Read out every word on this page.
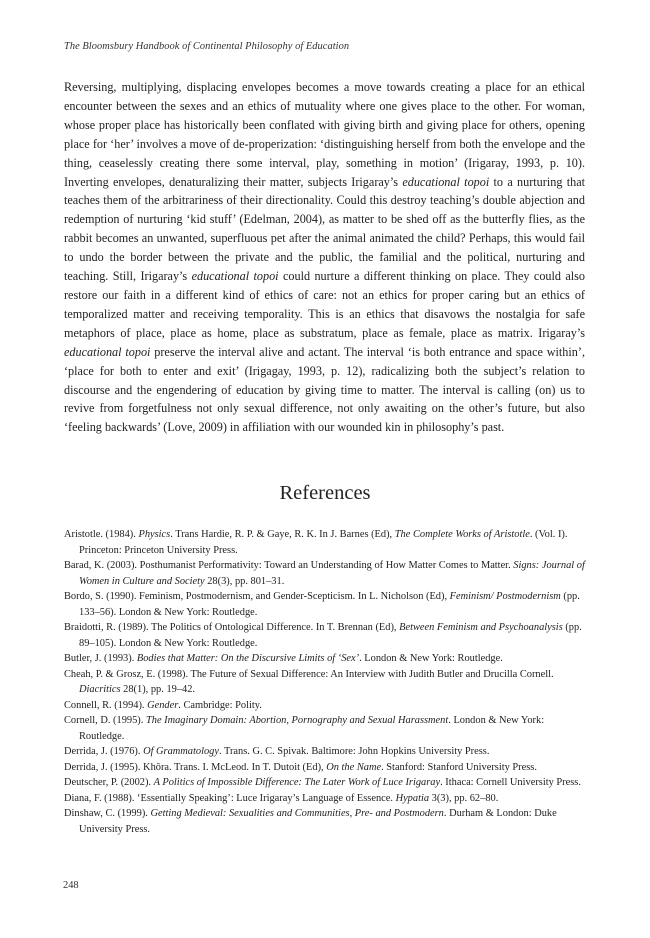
The Bloomsbury Handbook of Continental Philosophy of Education

Reversing, multiplying, displacing envelopes becomes a move towards creating a place for an ethical encounter between the sexes and an ethics of mutuality where one gives place to the other. For woman, whose proper place has historically been conflated with giving birth and giving place for others, opening place for ‘her’ involves a move of de-properization: ‘distinguishing herself from both the envelope and the thing, ceaselessly creating there some interval, play, something in motion’ (Irigaray, 1993, p. 10). Inverting envelopes, denaturalizing their matter, subjects Irigaray’s educational topoi to a nurturing that teaches them of the arbitrariness of their directionality. Could this destroy teaching’s double abjection and redemption of nurturing ‘kid stuff’ (Edelman, 2004), as matter to be shed off as the butterfly flies, as the rabbit becomes an unwanted, superfluous pet after the animal animated the child? Perhaps, this would fail to undo the border between the private and the public, the familial and the political, nurturing and teaching. Still, Irigaray’s educational topoi could nurture a different thinking on place. They could also restore our faith in a different kind of ethics of care: not an ethics for proper caring but an ethics of temporalized matter and receiving temporality. This is an ethics that disavows the nostalgia for safe metaphors of place, place as home, place as substratum, place as female, place as matrix. Irigaray’s educational topoi preserve the interval alive and actant. The interval ‘is both entrance and space within’, ‘place for both to enter and exit’ (Irigagay, 1993, p. 12), radicalizing both the subject’s relation to discourse and the engendering of education by giving time to matter. The interval is calling (on) us to revive from forgetfulness not only sexual difference, not only awaiting on the other’s future, but also ‘feeling backwards’ (Love, 2009) in affiliation with our wounded kin in philosophy’s past.

References
Aristotle. (1984). Physics. Trans Hardie, R. P. & Gaye, R. K. In J. Barnes (Ed), The Complete Works of Aristotle. (Vol. I). Princeton: Princeton University Press.
Barad, K. (2003). Posthumanist Performativity: Toward an Understanding of How Matter Comes to Matter. Signs: Journal of Women in Culture and Society 28(3), pp. 801–31.
Bordo, S. (1990). Feminism, Postmodernism, and Gender-Scepticism. In L. Nicholson (Ed), Feminism/ Postmodernism (pp. 133–56). London & New York: Routledge.
Braidotti, R. (1989). The Politics of Ontological Difference. In T. Brennan (Ed), Between Feminism and Psychoanalysis (pp. 89–105). London & New York: Routledge.
Butler, J. (1993). Bodies that Matter: On the Discursive Limits of ‘Sex’. London & New York: Routledge.
Cheah, P. & Grosz, E. (1998). The Future of Sexual Difference: An Interview with Judith Butler and Drucilla Cornell. Diacritics 28(1), pp. 19–42.
Connell, R. (1994). Gender. Cambridge: Polity.
Cornell, D. (1995). The Imaginary Domain: Abortion, Pornography and Sexual Harassment. London & New York: Routledge.
Derrida, J. (1976). Of Grammatology. Trans. G. C. Spivak. Baltimore: John Hopkins University Press.
Derrida, J. (1995). Khôra. Trans. I. McLeod. In T. Dutoit (Ed), On the Name. Stanford: Stanford University Press.
Deutscher, P. (2002). A Politics of Impossible Difference: The Later Work of Luce Irigaray. Ithaca: Cornell University Press.
Diana, F. (1988). ‘Essentially Speaking’: Luce Irigaray’s Language of Essence. Hypatia 3(3), pp. 62–80.
Dinshaw, C. (1999). Getting Medieval: Sexualities and Communities, Pre- and Postmodern. Durham & London: Duke University Press.
248
